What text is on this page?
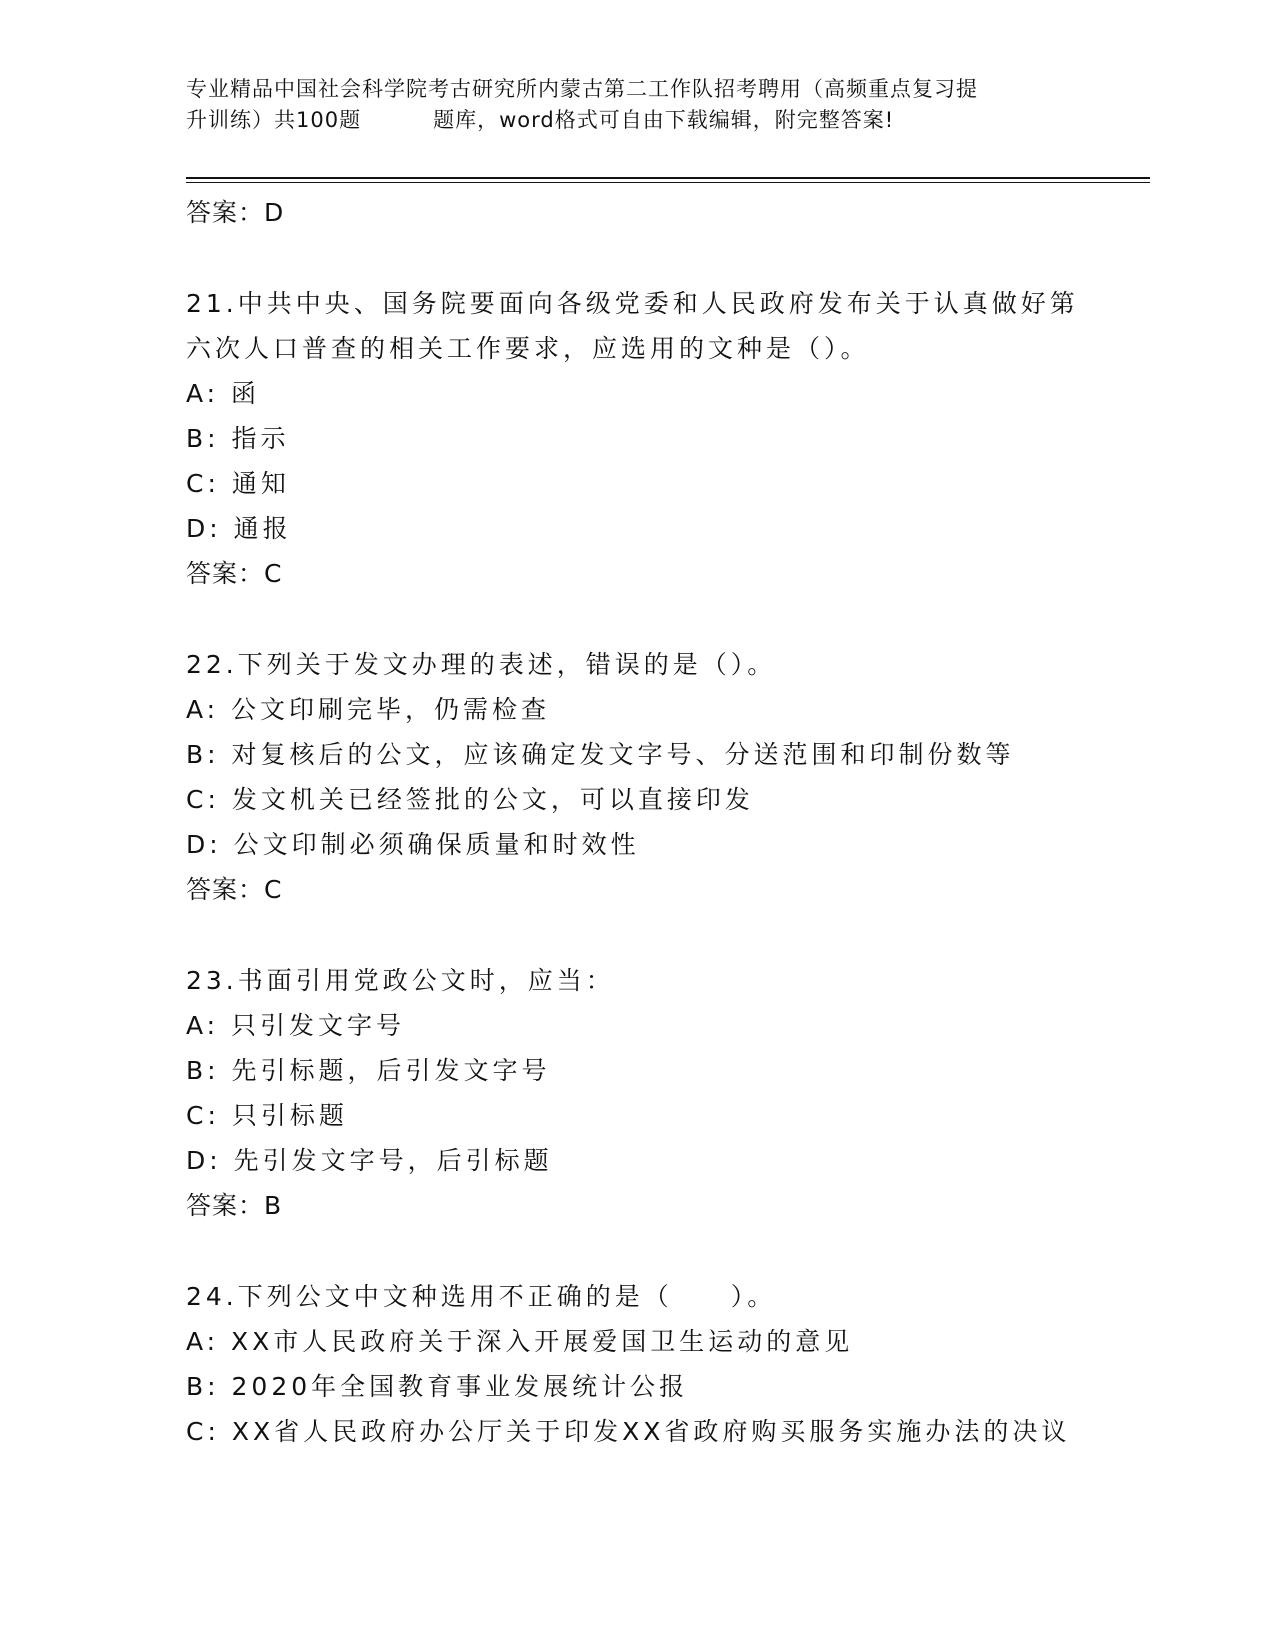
专业精品中国社会科学院考古研究所内蒙古第二工作队招考聘用（高频重点复习提
升训练）共100题	题库，word格式可自由下载编辑，附完整答案!
答案：D
21.中共中央、国务院要面向各级党委和人民政府发布关于认真做好第
六次人口普查的相关工作要求，应选用的文种是（）。
A: 函
B: 指示
C: 通知
D: 通报
答案：C
22.下列关于发文办理的表述，错误的是（）。
A: 公文印刷完毕，仍需检查
B: 对复核后的公文，应该确定发文字号、分送范围和印制份数等
C: 发文机关已经签批的公文，可以直接印发
D: 公文印制必须确保质量和时效性
答案：C
23.书面引用党政公文时，应当：
A: 只引发文字号
B: 先引标题，后引发文字号
C: 只引标题
D: 先引发文字号，后引标题
答案：B
24.下列公文中文种选用不正确的是（　　）。
A: XX市人民政府关于深入开展爱国卫生运动的意见
B: 2020年全国教育事业发展统计公报
C: XX省人民政府办公厅关于印发XX省政府购买服务实施办法的决议
